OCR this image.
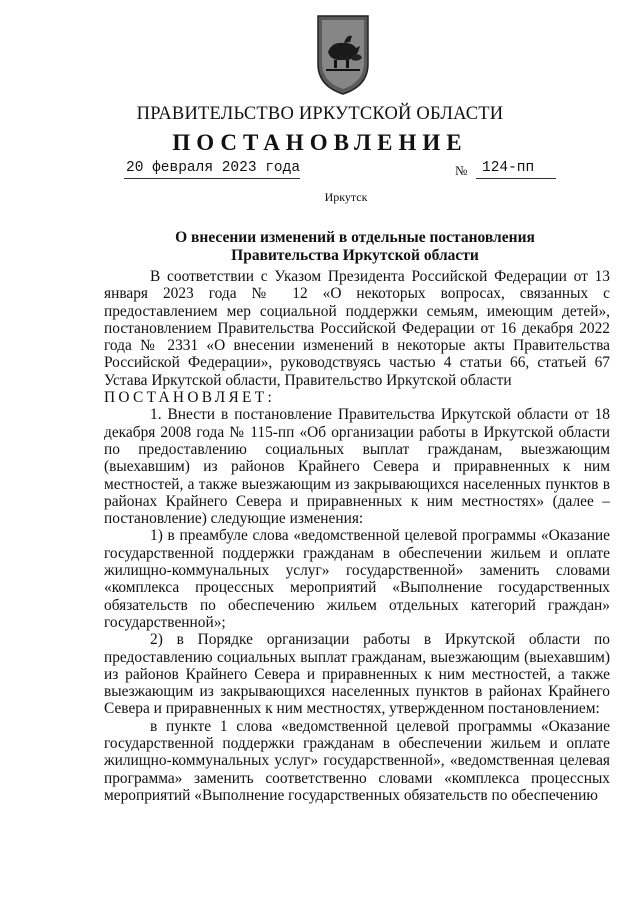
ПРАВИТЕЛЬСТВО ИРКУТСКОЙ ОБЛАСТИ
ПОСТАНОВЛЕНИЕ
20 февраля 2023 года	№ 124-пп
Иркутск
О внесении изменений в отдельные постановления Правительства Иркутской области

В соответствии с Указом Президента Российской Федерации от 13 января 2023 года № 12 «О некоторых вопросах, связанных с предоставлением мер социальной поддержки семьям, имеющим детей», постановлением Правительства Российской Федерации от 16 декабря 2022 года № 2331 «О внесении изменений в некоторые акты Правительства Российской Федерации», руководствуясь частью 4 статьи 66, статьей 67 Устава Иркутской области, Правительство Иркутской области

ПОСТАНОВЛЯЕТ:

1. Внести в постановление Правительства Иркутской области от 18 декабря 2008 года № 115-пп «Об организации работы в Иркутской области по предоставлению социальных выплат гражданам, выезжающим (выехавшим) из районов Крайнего Севера и приравненных к ним местностей, а также выезжающим из закрывающихся населенных пунктов в районах Крайнего Севера и приравненных к ним местностях» (далее – постановление) следующие изменения:

1) в преамбуле слова «ведомственной целевой программы «Оказание государственной поддержки гражданам в обеспечении жильем и оплате жилищно-коммунальных услуг» государственной» заменить словами «комплекса процессных мероприятий «Выполнение государственных обязательств по обеспечению жильем отдельных категорий граждан» государственной»;

2) в Порядке организации работы в Иркутской области по предоставлению социальных выплат гражданам, выезжающим (выехавшим) из районов Крайнего Севера и приравненных к ним местностей, а также выезжающим из закрывающихся населенных пунктов в районах Крайнего Севера и приравненных к ним местностях, утвержденном постановлением:

в пункте 1 слова «ведомственной целевой программы «Оказание государственной поддержки гражданам в обеспечении жильем и оплате жилищно-коммунальных услуг» государственной», «ведомственная целевая программа» заменить соответственно словами «комплекса процессных мероприятий «Выполнение государственных обязательств по обеспечению
